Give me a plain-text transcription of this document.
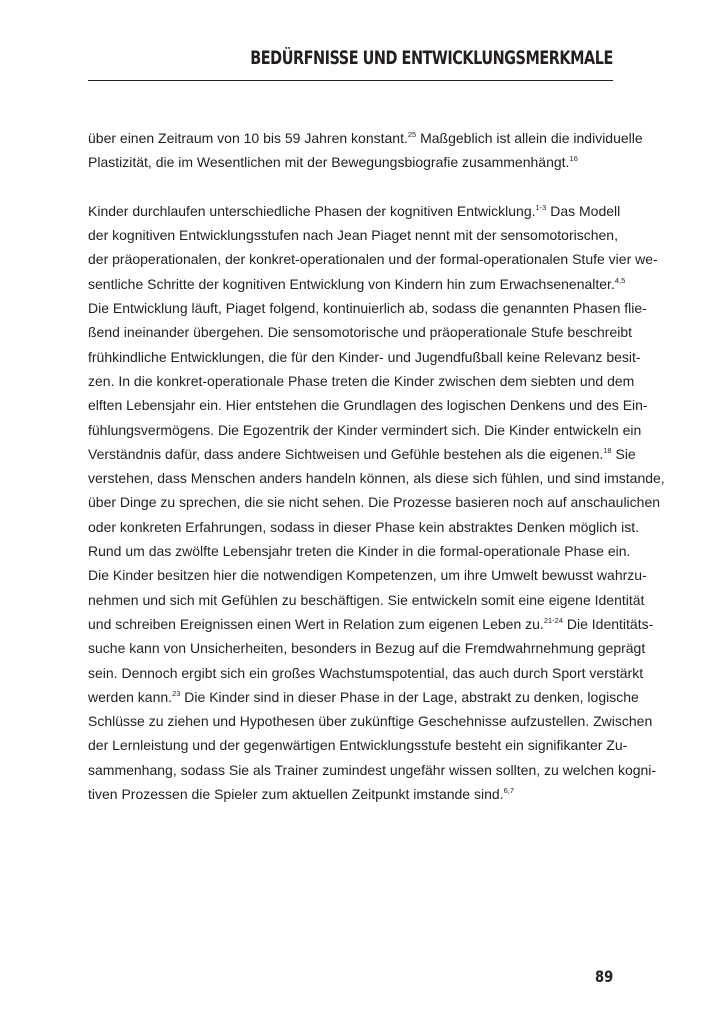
BEDÜRFNISSE UND ENTWICKLUNGSMERKMALE
über einen Zeitraum von 10 bis 59 Jahren konstant.$^{25}$ Maßgeblich ist allein die individuelle
Plastizität, die im Wesentlichen mit der Bewegungsbiografie zusammenhängt.$^{16}$
Kinder durchlaufen unterschiedliche Phasen der kognitiven Entwicklung.$^{1-3}$ Das Modell
der kognitiven Entwicklungsstufen nach Jean Piaget nennt mit der sensomotorischen,
der präoperationalen, der konkret-operationalen und der formal-operationalen Stufe vier we-
sentliche Schritte der kognitiven Entwicklung von Kindern hin zum Erwachsenenalter.$^{4,5}$
Die Entwicklung läuft, Piaget folgend, kontinuierlich ab, sodass die genannten Phasen flie-
ßend ineinander übergehen. Die sensomotorische und präoperationale Stufe beschreibt
frühkindliche Entwicklungen, die für den Kinder- und Jugendfußball keine Relevanz besit-
zen. In die konkret-operationale Phase treten die Kinder zwischen dem siebten und dem
elften Lebensjahr ein. Hier entstehen die Grundlagen des logischen Denkens und des Ein-
fühlungsvermögens. Die Egozentrik der Kinder vermindert sich. Die Kinder entwickeln ein
Verständnis dafür, dass andere Sichtweisen und Gefühle bestehen als die eigenen.$^{18}$ Sie
verstehen, dass Menschen anders handeln können, als diese sich fühlen, und sind imstande,
über Dinge zu sprechen, die sie nicht sehen. Die Prozesse basieren noch auf anschaulichen
oder konkreten Erfahrungen, sodass in dieser Phase kein abstraktes Denken möglich ist.
Rund um das zwölfte Lebensjahr treten die Kinder in die formal-operationale Phase ein.
Die Kinder besitzen hier die notwendigen Kompetenzen, um ihre Umwelt bewusst wahrzu-
nehmen und sich mit Gefühlen zu beschäftigen. Sie entwickeln somit eine eigene Identität
und schreiben Ereignissen einen Wert in Relation zum eigenen Leben zu.$^{21-24}$ Die Identitäts-
suche kann von Unsicherheiten, besonders in Bezug auf die Fremdwahrnehmung geprägt
sein. Dennoch ergibt sich ein großes Wachstumspotential, das auch durch Sport verstärkt
werden kann.$^{23}$ Die Kinder sind in dieser Phase in der Lage, abstrakt zu denken, logische
Schlüsse zu ziehen und Hypothesen über zukünftige Geschehnisse aufzustellen. Zwischen
der Lernleistung und der gegenwärtigen Entwicklungsstufe besteht ein signifikanter Zu-
sammenhang, sodass Sie als Trainer zumindest ungefähr wissen sollten, zu welchen kogni-
tiven Prozessen die Spieler zum aktuellen Zeitpunkt imstande sind.$^{6,7}$
89
